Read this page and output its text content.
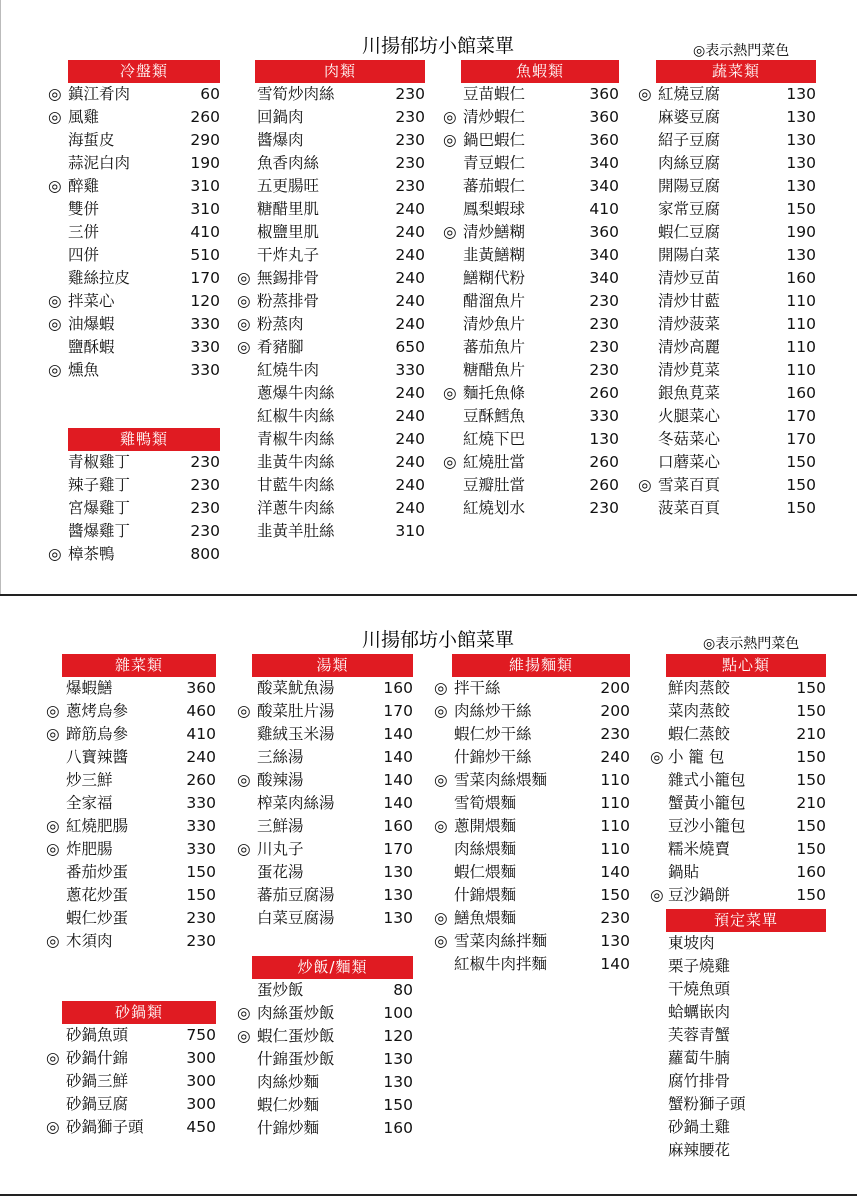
川揚郁坊小館菜單	◎表示熱門菜色
川揚郁坊小館菜單	◎表示熱門菜色
冷盤類
◎ 鎮江肴肉	60
◎ 風雞	260
海蜇皮	290
蒜泥白肉	190
◎ 醉雞	310
雙併	310
三併	410
四併	510
雞絲拉皮	170
◎ 拌菜心	120
◎ 油爆蝦	330
鹽酥蝦	330
◎ 燻魚	330
雞鴨類
青椒雞丁	230
辣子雞丁	230
宮爆雞丁	230
醬爆雞丁	230
◎ 樟茶鴨	800
肉類
雪筍炒肉絲	230
回鍋肉	230
醬爆肉	230
魚香肉絲	230
五更腸旺	230
糖醋里肌	240
椒鹽里肌	240
干炸丸子	240
◎ 無錫排骨	240
◎ 粉蒸排骨	240
◎ 粉蒸肉	240
◎ 肴豬腳	650
紅燒牛肉	330
蔥爆牛肉絲	240
紅椒牛肉絲	240
青椒牛肉絲	240
韭黃牛肉絲	240
甘藍牛肉絲	240
洋蔥牛肉絲	240
韭黃羊肚絲	310
魚蝦類
豆苗蝦仁	360
◎ 清炒蝦仁	360
◎ 鍋巴蝦仁	360
青豆蝦仁	340
蕃茄蝦仁	340
鳳梨蝦球	410
◎ 清炒鱔糊	360
韭黃鱔糊	340
鱔糊代粉	340
醋溜魚片	230
清炒魚片	230
蕃茄魚片	230
糖醋魚片	230
◎ 麵托魚條	260
豆酥鱈魚	330
紅燒下巴	130
◎ 紅燒肚當	260
豆瓣肚當	260
紅燒划水	230
蔬菜類
◎ 紅燒豆腐	130
麻婆豆腐	130
紹子豆腐	130
肉絲豆腐	130
開陽豆腐	130
家常豆腐	150
蝦仁豆腐	190
開陽白菜	130
清炒豆苗	160
清炒甘藍	110
清炒菠菜	110
清炒高麗	110
清炒莧菜	110
銀魚莧菜	160
火腿菜心	170
冬菇菜心	170
口蘑菜心	150
◎ 雪菜百頁	150
菠菜百頁	150
雜菜類
爆蝦鱔	360
◎ 蔥烤烏參	460
◎ 蹄筋烏參	410
八寶辣醬	240
炒三鮮	260
全家福	330
◎ 紅燒肥腸	330
◎ 炸肥腸	330
番茄炒蛋	150
蔥花炒蛋	150
蝦仁炒蛋	230
◎ 木須肉	230
砂鍋類
砂鍋魚頭	750
◎ 砂鍋什錦	300
砂鍋三鮮	300
砂鍋豆腐	300
◎ 砂鍋獅子頭	450
湯類
酸菜魷魚湯	160
◎ 酸菜肚片湯	170
雞絨玉米湯	140
三絲湯	140
◎ 酸辣湯	140
榨菜肉絲湯	140
三鮮湯	160
◎ 川丸子	170
蛋花湯	130
蕃茄豆腐湯	130
白菜豆腐湯	130
炒飯/麵類
蛋炒飯	80
◎ 肉絲蛋炒飯	100
◎ 蝦仁蛋炒飯	120
什錦蛋炒飯	130
肉絲炒麵	130
蝦仁炒麵	150
什錦炒麵	160
維揚麵類
◎ 拌干絲	200
◎ 肉絲炒干絲	200
蝦仁炒干絲	230
什錦炒干絲	240
◎ 雪菜肉絲煨麵	110
雪筍煨麵	110
◎ 蔥開煨麵	110
肉絲煨麵	110
蝦仁煨麵	140
什錦煨麵	150
◎ 鱔魚煨麵	230
◎ 雪菜肉絲拌麵	130
紅椒牛肉拌麵	140
點心類
鮮肉蒸餃	150
菜肉蒸餃	150
蝦仁蒸餃	210
◎ 小 籠 包	150
雜式小籠包	150
蟹黃小籠包	210
豆沙小籠包	150
糯米燒賣	150
鍋貼	160
◎ 豆沙鍋餅	150
預定菜單
東坡肉
栗子燒雞
干燒魚頭
蛤蠣嵌肉
芙蓉青蟹
蘿蔔牛腩
腐竹排骨
蟹粉獅子頭
砂鍋土雞
麻辣腰花
